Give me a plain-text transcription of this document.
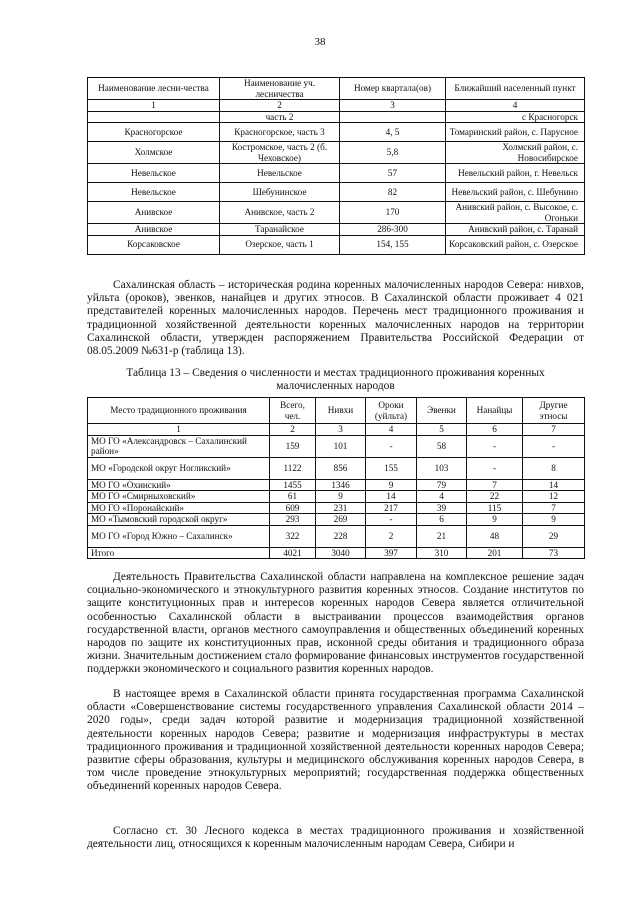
38
Наименование лесни-чества	Наименование уч. лесничества	Номер квартала(ов)	Ближайший населенный пункт
1	2	3	4
	часть 2		с Красногорск
Красногорское	Красногорское, часть 3	4, 5	Томаринский район, с. Парусное
Холмское	Костромское, часть 2 (б. Чеховское)	5,8	Холмский район, с. Новосибирское
Невельское	Невельское	57	Невельский район, г. Невельск
Невельское	Шебунинское	82	Невельский район, с. Шебунино
Анивское	Анивское, часть 2	170	Анивский район, с. Высокое, с. Огоньки
Анивское	Таранайское	286-300	Анивский район, с. Таранай
Корсаковское	Озерское, часть 1	154, 155	Корсаковский район, с. Озерское

Сахалинская область – историческая родина коренных малочисленных народов Севера: нивхов, уйльта (ороков), эвенков, нанайцев и других этносов. В Сахалинской области проживает 4 021 представителей коренных малочисленных народов. Перечень мест традиционного проживания и традиционной хозяйственной деятельности коренных малочисленных народов на территории Сахалинской области, утвержден распоряжением Правительства Российской Федерации от 08.05.2009 №631-р (таблица 13).

Таблица 13 – Сведения о численности и местах традиционного проживания коренных малочисленных народов

Место традиционного проживания	Всего, чел.	Нивхи	Ороки (уйльта)	Эвенки	Нанайцы	Другие этносы
1	2	3	4	5	6	7
МО ГО «Александровск – Сахалинский район»	159	101	-	58	-	-
МО «Городской округ Ногликский»	1122	856	155	103	-	8
МО ГО «Охинский»	1455	1346	9	79	7	14
МО ГО «Смирныховский»	61	9	14	4	22	12
МО ГО «Поронайский»	609	231	217	39	115	7
МО «Тымовский городской округ»	293	269	-	6	9	9
МО ГО «Город Южно – Сахалинск»	322	228	2	21	48	29
Итого	4021	3040	397	310	201	73

Деятельность Правительства Сахалинской области направлена на комплексное решение задач социально-экономического и этнокультурного развития коренных этносов. Создание институтов по защите конституционных прав и интересов коренных народов Севера является отличительной особенностью Сахалинской области в выстраивании процессов взаимодействия органов государственной власти, органов местного самоуправления и общественных объединений коренных народов по защите их конституционных прав, исконной среды обитания и традиционного образа жизни. Значительным достижением стало формирование финансовых инструментов государственной поддержки экономического и социального развития коренных народов.

В настоящее время в Сахалинской области принята государственная программа Сахалинской области «Совершенствование системы государственного управления Сахалинской области 2014 – 2020 годы», среди задач которой развитие и модернизация традиционной хозяйственной деятельности коренных народов Севера; развитие и модернизация инфраструктуры в местах традиционного проживания и традиционной хозяйственной деятельности коренных народов Севера; развитие сферы образования, культуры и медицинского обслуживания коренных народов Севера, в том числе проведение этнокультурных мероприятий; государственная поддержка общественных объединений коренных народов Севера.

Согласно ст. 30 Лесного кодекса в местах традиционного проживания и хозяйственной деятельности лиц, относящихся к коренным малочисленным народам Севера, Сибири и
